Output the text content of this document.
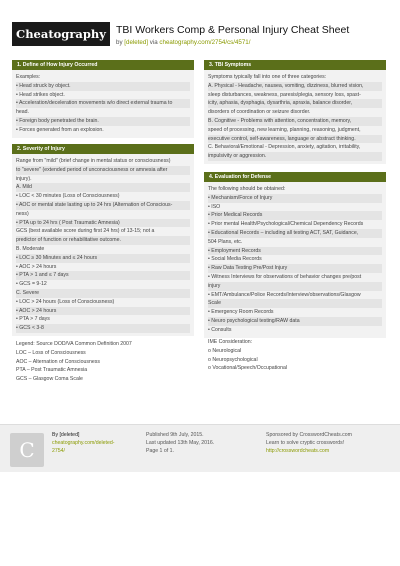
Cheatography TBI Workers Comp & Personal Injury Cheat Sheet
by [deleted] via cheatography.com/2754/cs/4571/
1. Define of How Injury Occurred
Examples:
• Head struck by object.
• Head strikes object.
• Acceleration/deceleration movements w/o direct external trauma to
head.
• Foreign body penetrated the brain.
• Forces generated from an explosion.
2. Severity of Injury
Range from "mild" (brief change in mental status or consciousness)
to "severe" (extended period of unconsciousness or amnesia after
injury).
A. Mild
• LOC < 30 minutes (Loss of Consciousness)
• AOC or mental state lasting up to 24 hrs (Alternation of Conscious-
ness)
• PTA up to 24 hrs ( Post Traumatic Amnesia)
GCS (best available score during first 24 hrs) of 13-15; not a
predictor of function or rehabilitative outcome.
B. Moderate
• LOC ≥ 30 Minutes and ≤ 24 hours
• AOC > 24 hours
• PTA > 1 and ≤ 7 days
• GCS = 9-12
C. Severe
• LOC > 24 hours (Loss of Consciousness)
• AOC > 24 hours
• PTA > 7 days
• GCS < 3-8
Legend: Source DOD/VA Common Definition 2007
LOC – Loss of Consciousness
AOC – Alternation of Consciousness
PTA – Post Traumatic Amnesia
GCS – Glasgow Coma Scale
3. TBI Symptoms
Symptoms typically fall into one of three categories:
A. Physical - Headache, nausea, vomiting, dizziness, blurred vision,
sleep disturbances, weakness, paresis/plegia, sensory loss, spast-
icity, aphasia, dysphagia, dysarthria, apraxia, balance disorder,
disorders of coordination or seizure disorder.
B. Cognitive - Problems with attention, concentration, memory,
speed of processing, new learning, planning, reasoning, judgment,
executive control, self-awareness, language or abstract thinking.
C. Behavioral/Emotional - Depression, anxiety, agitation, irritability,
impulsivity or aggression.
4. Evaluation for Defense
The following should be obtained:
• Mechanism/Force of Injury
• ISO
• Prior Medical Records
• Prior mental Health/Psychological/Chemical Dependency Records
• Educational Records – including all testing ACT, SAT, Guidance,
504 Plans, etc.
• Employment Records
• Social Media Records
• Raw Data Testing Pre/Post Injury
• Witness Interviews for observations of behavior changes pre/post
injury
• EMT/Ambulance/Police Records/Interview/observations/Glasgow
Scale
• Emergency Room Records
• Neuro psychological testing/RAW data
• Consults
IME Consideration:
o Neurological
o Neuropsychological
o Vocational/Speech/Occupational
C
By [deleted]
cheatography.com/deleted-
2754/
Published 9th July, 2015.
Last updated 13th May, 2016.
Page 1 of 1.
Sponsored by CrosswordCheats.com
Learn to solve cryptic crosswords!
http://crosswordcheats.com
